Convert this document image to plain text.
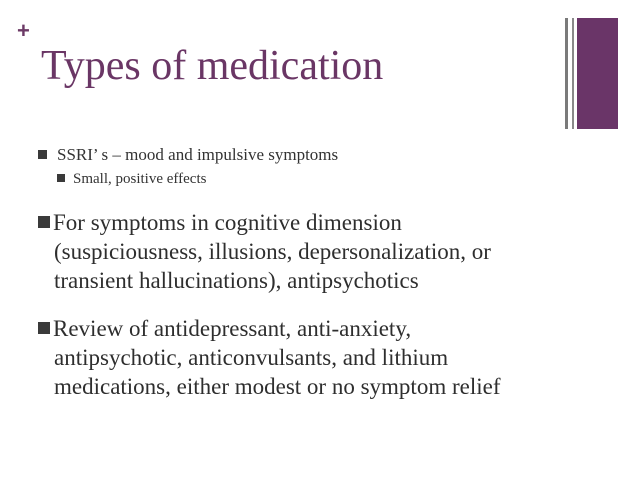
+
Types of medication
SSRI’ s – mood and impulsive symptoms
Small, positive effects
For symptoms in cognitive dimension
(suspiciousness, illusions, depersonalization, or
transient hallucinations), antipsychotics
Review of antidepressant, anti-anxiety,
antipsychotic, anticonvulsants, and lithium
medications, either modest or no symptom relief
